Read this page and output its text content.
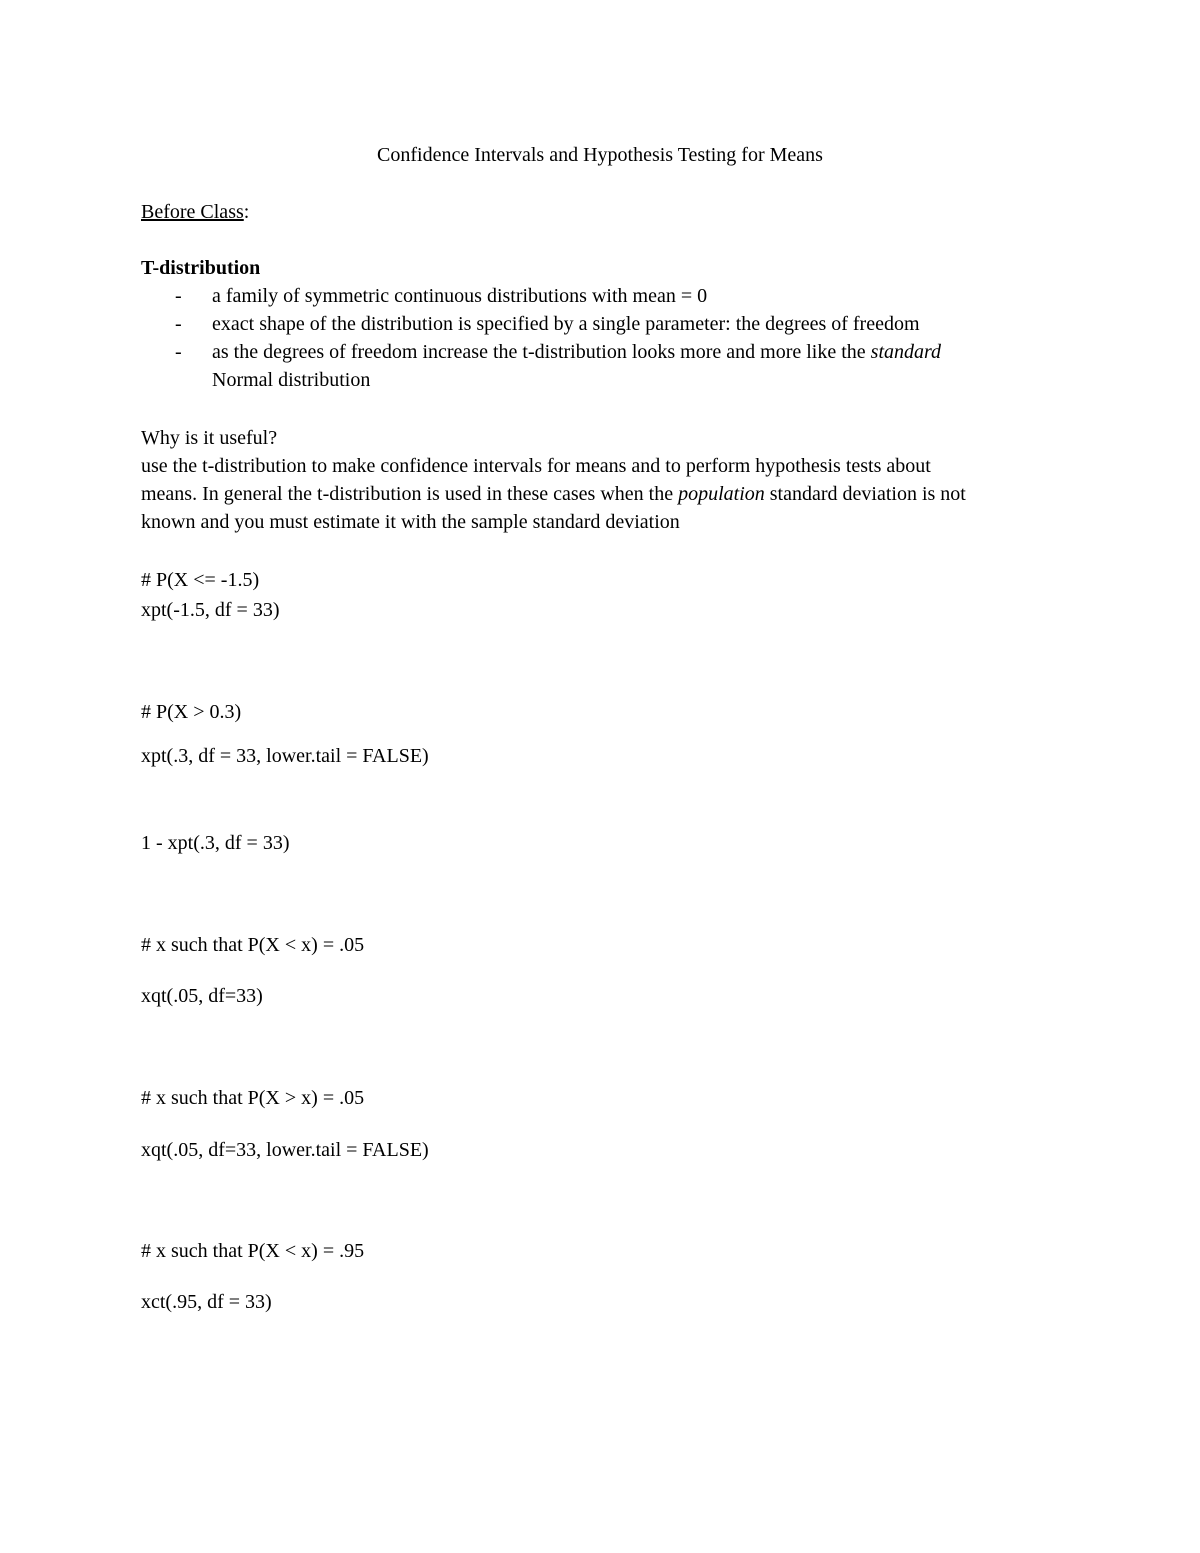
Confidence Intervals and Hypothesis Testing for Means
Before Class:
T-distribution
- a family of symmetric continuous distributions with mean = 0
- exact shape of the distribution is specified by a single parameter: the degrees of freedom
- as the degrees of freedom increase the t-distribution looks more and more like the standard
Normal distribution
Why is it useful?
use the t-distribution to make confidence intervals for means and to perform hypothesis tests about
means. In general the t-distribution is used in these cases when the population standard deviation is not
known and you must estimate it with the sample standard deviation
# P(X <= -1.5)
xpt(-1.5, df = 33)
# P(X > 0.3)
xpt(.3, df = 33, lower.tail = FALSE)
1 - xpt(.3, df = 33)
# x such that P(X < x) = .05
xqt(.05, df=33)
# x such that P(X > x) = .05
xqt(.05, df=33, lower.tail = FALSE)
# x such that P(X < x) = .95
xct(.95, df = 33)
